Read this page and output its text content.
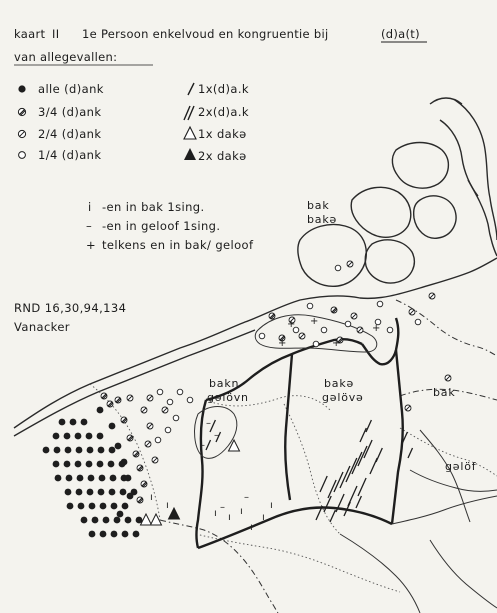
kaart II 1e Persoon enkelvoud en kongruentie bij	(d)a(t)
van allegevallen:
alle (d)ank
3/4 (d)ank
2/4 (d)ank
1/4 (d)ank
1x(d)a.k
2x(d)a.k
1x dakə
2x dakə
i -en in bak 1sing.
– -en in geloof 1sing.
+ telkens en in bak/ geloof
RND 16,30,94,134
Vanacker	+ +
+
+
+
ı
ı
ı ı
ı
ı
ı
ı
–
–
–
–
–
bak
bakə
bakn
gəlövn
bakə
gəlövə	bak
gəlöf
